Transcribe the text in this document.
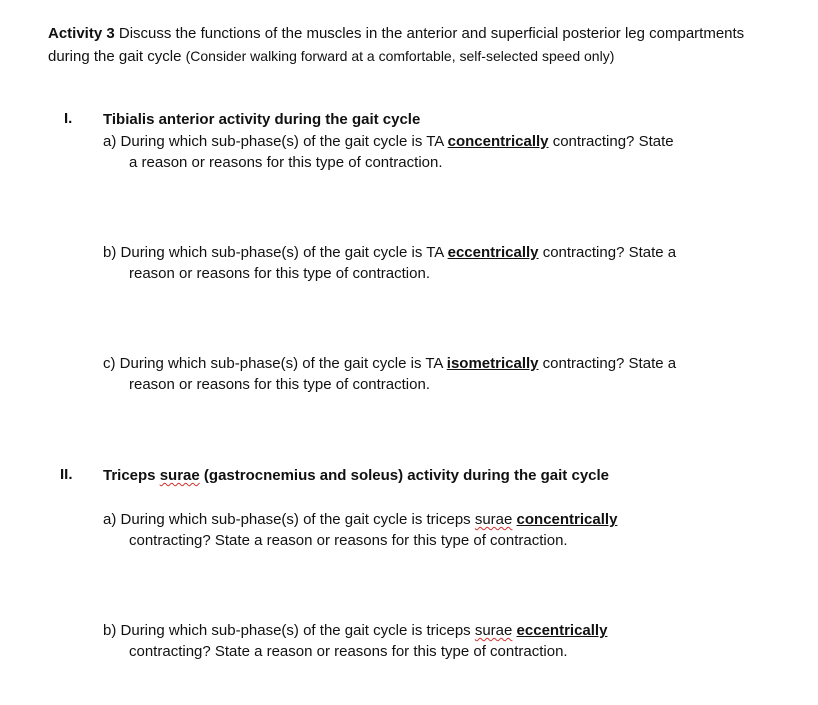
Activity 3 Discuss the functions of the muscles in the anterior and superficial posterior leg compartments during the gait cycle (Consider walking forward at a comfortable, self-selected speed only)
I. Tibialis anterior activity during the gait cycle
a) During which sub-phase(s) of the gait cycle is TA concentrically contracting? State
a reason or reasons for this type of contraction.
b) During which sub-phase(s) of the gait cycle is TA eccentrically contracting? State a
reason or reasons for this type of contraction.
c) During which sub-phase(s) of the gait cycle is TA isometrically contracting? State a
reason or reasons for this type of contraction.
II. Triceps surae (gastrocnemius and soleus) activity during the gait cycle
a) During which sub-phase(s) of the gait cycle is triceps surae concentrically
contracting? State a reason or reasons for this type of contraction.
b) During which sub-phase(s) of the gait cycle is triceps surae eccentrically
contracting? State a reason or reasons for this type of contraction.
